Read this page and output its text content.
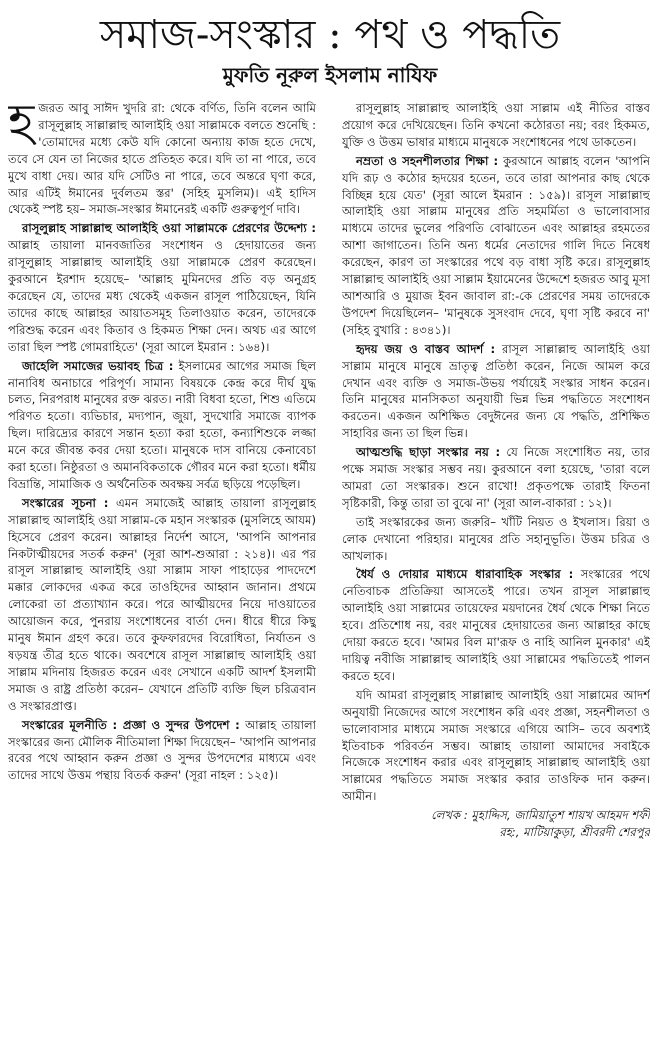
সমাজ-সংস্কার : পথ ও পদ্ধতি
মুফতি নূরুল ইসলাম নাযিফ

হজরত আবু সাঈদ খুদরি রা: থেকে বর্ণিত, তিনি বলেন আমি রাসূলুল্লাহ সাল্লাল্লাহু আলাইহি ওয়া সাল্লামকে বলতে শুনেছি : 'তোমাদের মধ্যে কেউ যদি কোনো অন্যায় কাজ হতে দেখে, তবে সে যেন তা নিজের হাতে প্রতিহত করে। যদি তা না পারে, তবে মুখে বাধা দেয়। আর যদি সেটিও না পারে, তবে অন্তরে ঘৃণা করে, আর এটিই ঈমানের দুর্বলতম স্তর' (সহিহ মুসলিম)। এই হাদিস থেকেই স্পষ্ট হয়– সমাজ-সংস্কার ঈমানেরই একটি গুরুত্বপূর্ণ দাবি।

রাসূলুল্লাহ সাল্লাল্লাহু আলাইহি ওয়া সাল্লামকে প্রেরণের উদ্দেশ্য : আল্লাহ তায়ালা মানবজাতির সংশোধন ও হেদায়াতের জন্য রাসূলুল্লাহ সাল্লাল্লাহু আলাইহি ওয়া সাল্লামকে প্রেরণ করেছেন। কুরআনে ইরশাদ হয়েছে– 'আল্লাহ মুমিনদের প্রতি বড় অনুগ্রহ করেছেন যে, তাদের মধ্য থেকেই একজন রাসূল পাঠিয়েছেন, যিনি তাদের কাছে আল্লাহর আয়াতসমূহ তিলাওয়াত করেন, তাদেরকে পরিশুদ্ধ করেন এবং কিতাব ও হিকমত শিক্ষা দেন। অথচ এর আগে তারা ছিল স্পষ্ট গোমরাহিতে' (সূরা আলে ইমরান : ১৬৪)।

জাহেলি সমাজের ভয়াবহ চিত্র : ইসলামের আগের সমাজ ছিল নানাবিধ অনাচারে পরিপূর্ণ। সামান্য বিষয়কে কেন্দ্র করে দীর্ঘ যুদ্ধ চলত, নিরপরাধ মানুষের রক্ত ঝরত। নারী বিধবা হতো, শিশু এতিমে পরিণত হতো। ব্যভিচার, মদ্যপান, জুয়া, সুদখোরি সমাজে ব্যাপক ছিল। দারিদ্র্যের কারণে সন্তান হত্যা করা হতো, কন্যাশিশুকে লজ্জা মনে করে জীবন্ত কবর দেয়া হতো। মানুষকে দাস বানিয়ে কেনাবেচা করা হতো। নিষ্ঠুরতা ও অমানবিকতাকে গৌরব মনে করা হতো। ধর্মীয় বিভ্রান্তি, সামাজিক ও অর্থনৈতিক অবক্ষয় সর্বত্র ছড়িয়ে পড়েছিল।

সংস্কারের সূচনা : এমন সমাজেই আল্লাহ তায়ালা রাসূলুল্লাহ সাল্লাল্লাহু আলাইহি ওয়া সাল্লাম-কে মহান সংস্কারক (মুসলিহে আযম) হিসেবে প্রেরণ করেন। আল্লাহর নির্দেশ আসে, 'আপনি আপনার নিকটাত্মীয়দের সতর্ক করুন' (সূরা আশ-শুআরা : ২১৪)। এর পর রাসূল সাল্লাল্লাহু আলাইহি ওয়া সাল্লাম সাফা পাহাড়ের পাদদেশে মক্কার লোকদের একত্র করে তাওহিদের আহ্বান জানান। প্রথমে লোকেরা তা প্রত্যাখ্যান করে। পরে আত্মীয়দের নিয়ে দাওয়াতের আয়োজন করে, পুনরায় সংশোধনের বার্তা দেন। ধীরে ধীরে কিছু মানুষ ঈমান গ্রহণ করে। তবে কুফফারদের বিরোধিতা, নির্যাতন ও ষড়যন্ত্র তীব্র হতে থাকে। অবশেষে রাসূল সাল্লাল্লাহু আলাইহি ওয়া সাল্লাম মদিনায় হিজরত করেন এবং সেখানে একটি আদর্শ ইসলামী সমাজ ও রাষ্ট্র প্রতিষ্ঠা করেন– যেখানে প্রতিটি ব্যক্তি ছিল চরিত্রবান ও সংস্কারপ্রাপ্ত।

সংস্কারের মূলনীতি : প্রজ্ঞা ও সুন্দর উপদেশ : আল্লাহ তায়ালা সংস্কারের জন্য মৌলিক নীতিমালা শিক্ষা দিয়েছেন– 'আপনি আপনার রবের পথে আহ্বান করুন প্রজ্ঞা ও সুন্দর উপদেশের মাধ্যমে এবং তাদের সাথে উত্তম পন্থায় বিতর্ক করুন' (সূরা নাহল : ১২৫)।

রাসূলুল্লাহ সাল্লাল্লাহু আলাইহি ওয়া সাল্লাম এই নীতির বাস্তব প্রয়োগ করে দেখিয়েছেন। তিনি কখনো কঠোরতা নয়; বরং হিকমত, যুক্তি ও উত্তম ভাষার মাধ্যমে মানুষকে সংশোধনের পথে ডাকতেন।

নম্রতা ও সহনশীলতার শিক্ষা : কুরআনে আল্লাহ বলেন 'আপনি যদি রূঢ় ও কঠোর হৃদয়ের হতেন, তবে তারা আপনার কাছ থেকে বিচ্ছিন্ন হয়ে যেত' (সূরা আলে ইমরান : ১৫৯)। রাসূল সাল্লাল্লাহু আলাইহি ওয়া সাল্লাম মানুষের প্রতি সহমর্মিতা ও ভালোবাসার মাধ্যমে তাদের ভুলের পরিণতি বোঝাতেন এবং আল্লাহর রহমতের আশা জাগাতেন। তিনি অন্য ধর্মের নেতাদের গালি দিতে নিষেধ করেছেন, কারণ তা সংস্কারের পথে বড় বাধা সৃষ্টি করে। রাসূলুল্লাহ সাল্লাল্লাহু আলাইহি ওয়া সাল্লাম ইয়ামেনের উদ্দেশে হজরত আবু মূসা আশআরি ও মুয়াজ ইবন জাবাল রা:-কে প্রেরণের সময় তাদেরকে উপদেশ দিয়েছিলেন– 'মানুষকে সুসংবাদ দেবে, ঘৃণা সৃষ্টি করবে না' (সহিহ বুখারি : ৪৩৪১)।

হৃদয় জয় ও বাস্তব আদর্শ : রাসূল সাল্লাল্লাহু আলাইহি ওয়া সাল্লাম মানুষে মানুষে ভ্রাতৃত্ব প্রতিষ্ঠা করেন, নিজে আমল করে দেখান এবং ব্যক্তি ও সমাজ-উভয় পর্যায়েই সংস্কার সাধন করেন। তিনি মানুষের মানসিকতা অনুযায়ী ভিন্ন ভিন্ন পদ্ধতিতে সংশোধন করতেন। একজন অশিক্ষিত বেদুঈনের জন্য যে পদ্ধতি, প্রশিক্ষিত সাহাবির জন্য তা ছিল ভিন্ন।

আত্মশুদ্ধি ছাড়া সংস্কার নয় : যে নিজে সংশোধিত নয়, তার পক্ষে সমাজ সংস্কার সম্ভব নয়। কুরআনে বলা হয়েছে, 'তারা বলে আমরা তো সংস্কারক। শুনে রাখো! প্রকৃতপক্ষে তারাই ফিতনা সৃষ্টিকারী, কিন্তু তারা তা বুঝে না' (সূরা আল-বাকারা : ১২)।

তাই সংস্কারকের জন্য জরুরি– খাঁটি নিয়ত ও ইখলাস। রিয়া ও লোক দেখানো পরিহার। মানুষের প্রতি সহানুভূতি। উত্তম চরিত্র ও আখলাক।

ধৈর্য ও দোয়ার মাধ্যমে ধারাবাহিক সংস্কার : সংস্কারের পথে নেতিবাচক প্রতিক্রিয়া আসতেই পারে। তখন রাসূল সাল্লাল্লাহু আলাইহি ওয়া সাল্লামের তায়েফের ময়দানের ধৈর্য থেকে শিক্ষা নিতে হবে। প্রতিশোধ নয়, বরং মানুষের হেদায়াতের জন্য আল্লাহর কাছে দোয়া করতে হবে। 'আমর বিল মা'রূফ ও নাহি আনিল মুনকার' এই দায়িত্ব নবীজি সাল্লাল্লাহু আলাইহি ওয়া সাল্লামের পদ্ধতিতেই পালন করতে হবে।

যদি আমরা রাসূলুল্লাহ সাল্লাল্লাহু আলাইহি ওয়া সাল্লামের আদর্শ অনুযায়ী নিজেদের আগে সংশোধন করি এবং প্রজ্ঞা, সহনশীলতা ও ভালোবাসার মাধ্যমে সমাজ সংস্কারে এগিয়ে আসি– তবে অবশ্যই ইতিবাচক পরিবর্তন সম্ভব। আল্লাহ তায়ালা আমাদের সবাইকে নিজেকে সংশোধন করার এবং রাসূলুল্লাহ সাল্লাল্লাহু আলাইহি ওয়া সাল্লামের পদ্ধতিতে সমাজ সংস্কার করার তাওফিক দান করুন। আমীন।

লেখক : মুহাদ্দিস, জামিয়াতুশ শায়খ আহমদ শফী
রহ:, মাটিয়াকুড়া, শ্রীবরদী শেরপুর
